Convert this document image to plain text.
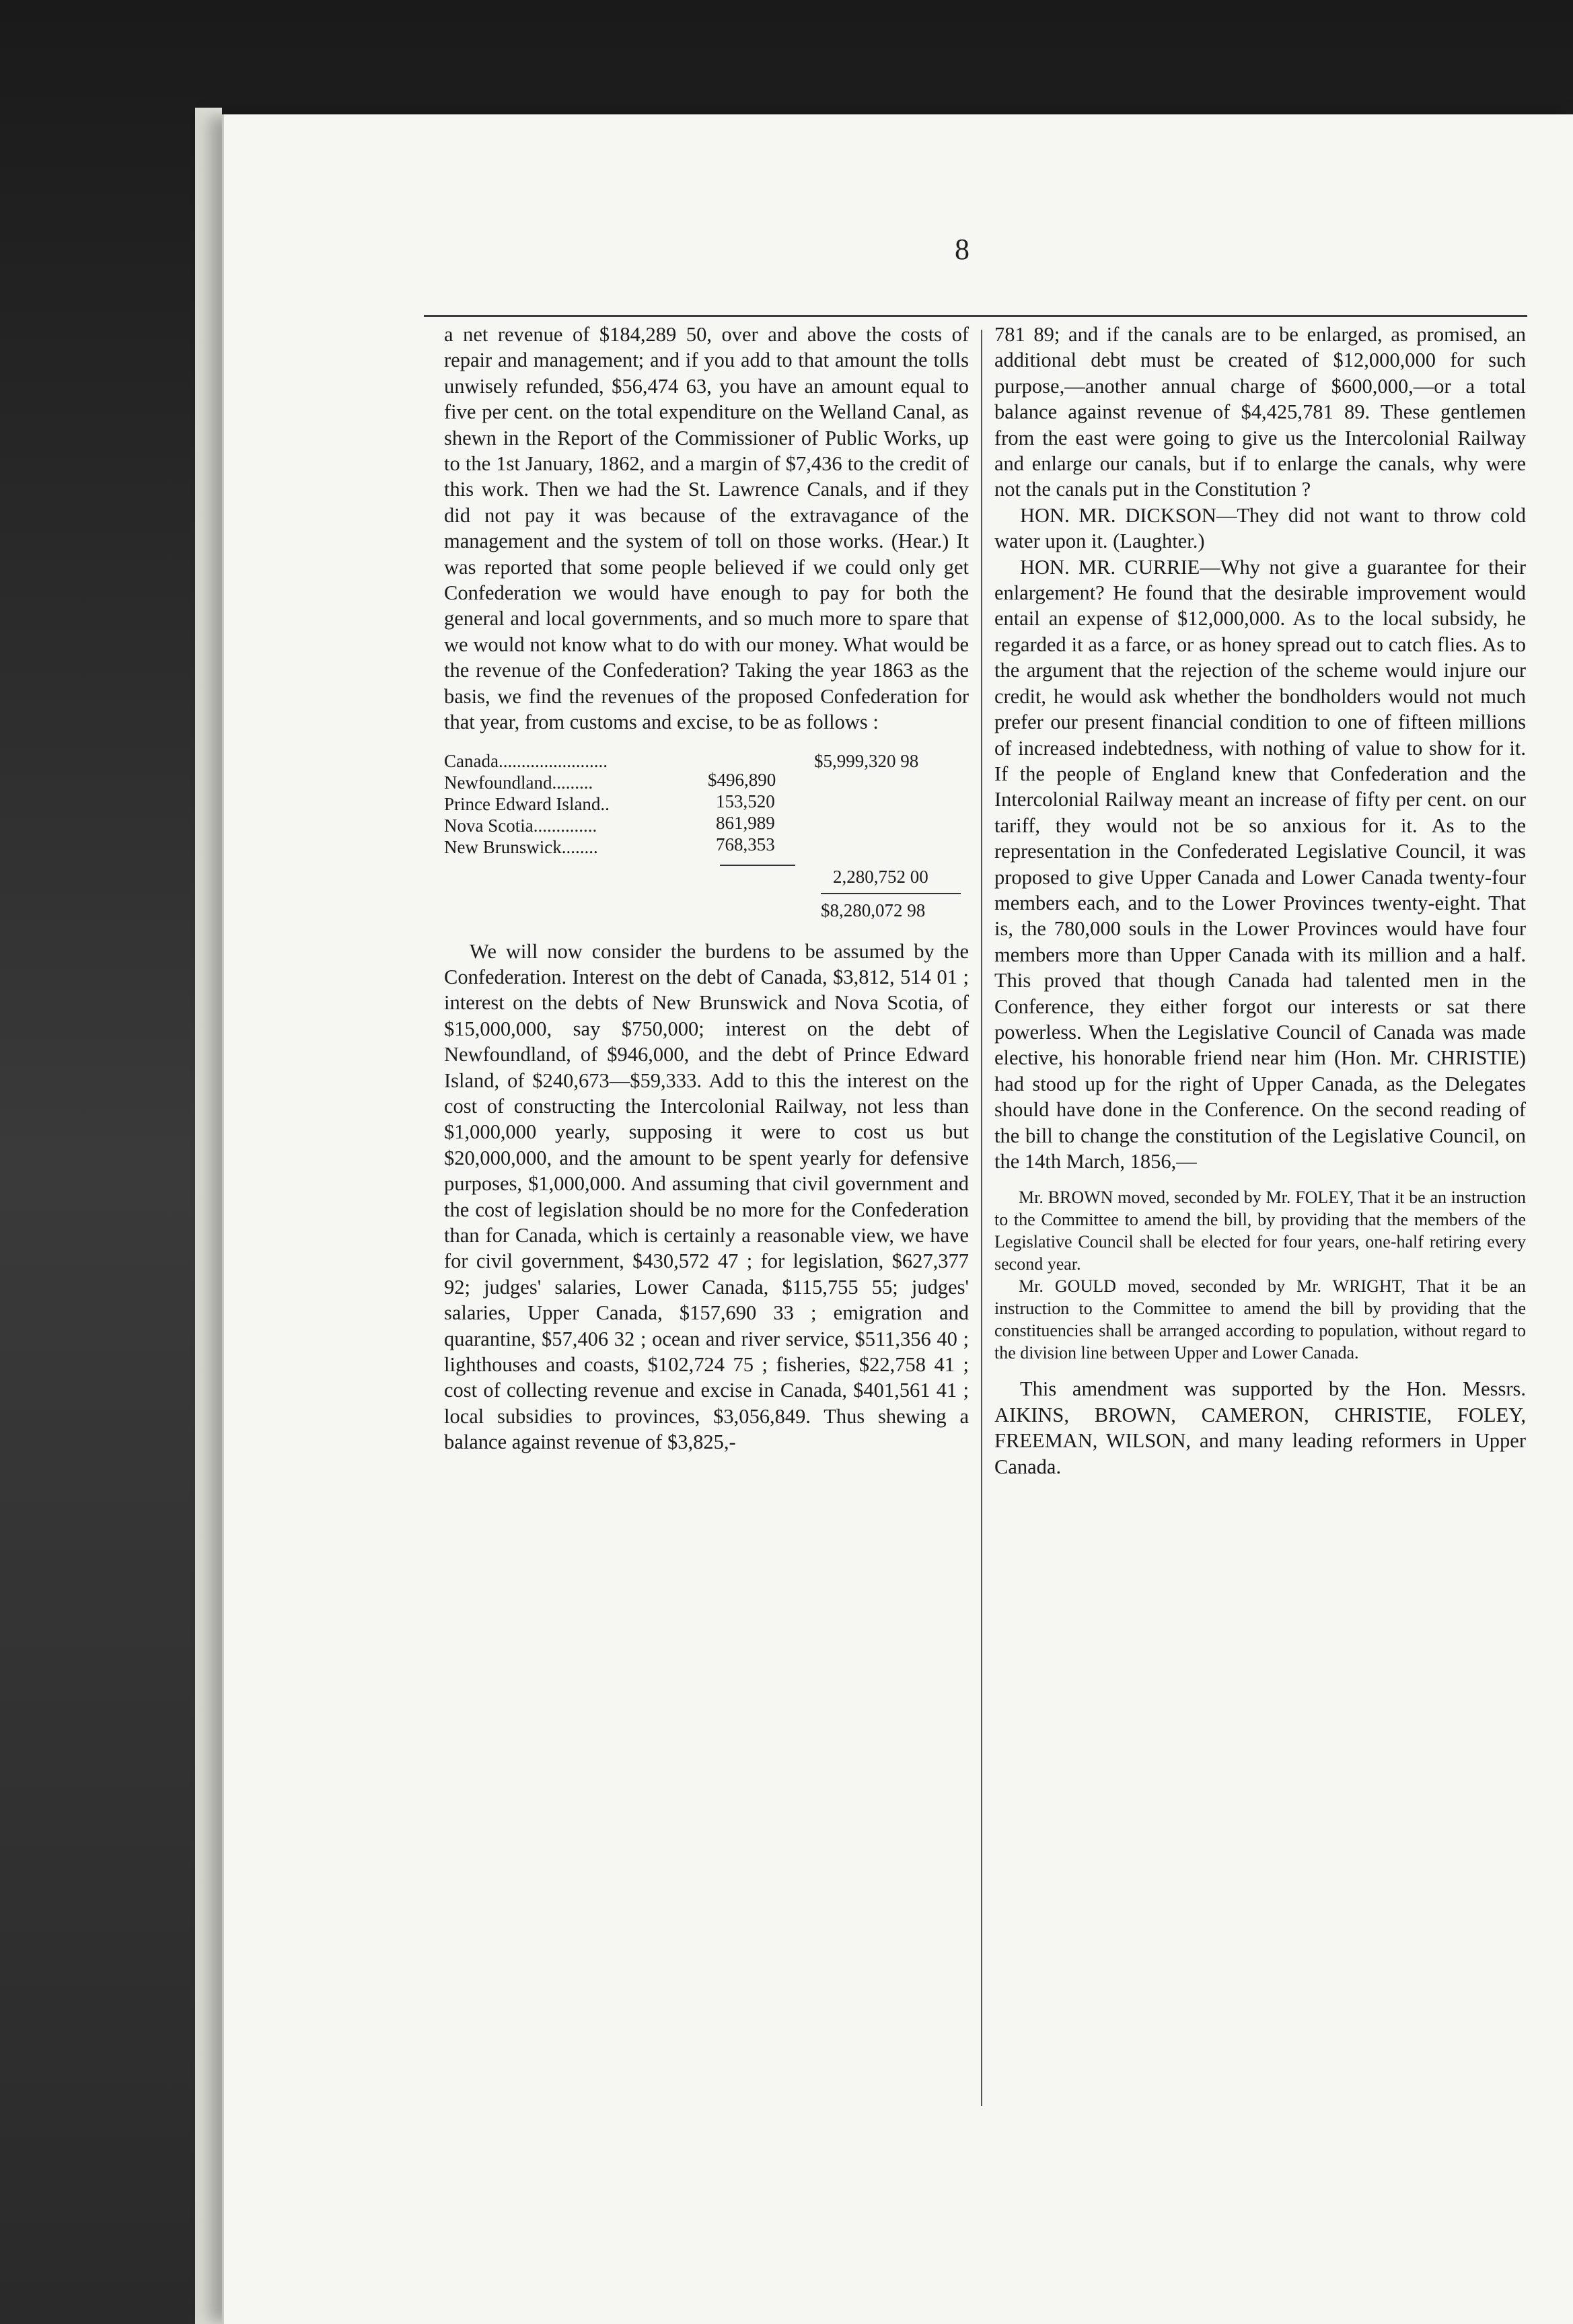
8

a net revenue of $184,289 50, over and above the costs of repair and management; and if you add to that amount the tolls unwisely refunded, $56,474 63, you have an amount equal to five per cent. on the total expenditure on the Welland Canal, as shewn in the Report of the Commissioner of Public Works, up to the 1st January, 1862, and a margin of $7,436 to the credit of this work. Then we had the St. Lawrence Canals, and if they did not pay it was because of the extravagance of the management and the system of toll on those works. (Hear.) It was reported that some people believed if we could only get Confederation we would have enough to pay for both the general and local governments, and so much more to spare that we would not know what to do with our money. What would be the revenue of the Confederation? Taking the year 1863 as the basis, we find the revenues of the proposed Confederation for that year, from customs and excise, to be as follows :

Canada........................	$5,999,320 98
Newfoundland.........	$496,890
Prince Edward Island..	153,520
Nova Scotia..............	861,989
New Brunswick........	768,353
2,280,752 00
$8,280,072 98

We will now consider the burdens to be assumed by the Confederation. Interest on the debt of Canada, $3,812, 514 01 ; interest on the debts of New Brunswick and Nova Scotia, of $15,000,000, say $750,000; interest on the debt of Newfoundland, of $946,000, and the debt of Prince Edward Island, of $240,673—$59,333. Add to this the interest on the cost of constructing the Intercolonial Railway, not less than $1,000,000 yearly, supposing it were to cost us but $20,000,000, and the amount to be spent yearly for defensive purposes, $1,000,000. And assuming that civil government and the cost of legislation should be no more for the Confederation than for Canada, which is certainly a reasonable view, we have for civil government, $430,572 47 ; for legislation, $627,377 92; judges' salaries, Lower Canada, $115,755 55; judges' salaries, Upper Canada, $157,690 33 ; emigration and quarantine, $57,406 32 ; ocean and river service, $511,356 40 ; lighthouses and coasts, $102,724 75 ; fisheries, $22,758 41 ; cost of collecting revenue and excise in Canada, $401,561 41 ; local subsidies to provinces, $3,056,849. Thus shewing a balance against revenue of $3,825,-

781 89; and if the canals are to be enlarged, as promised, an additional debt must be created of $12,000,000 for such purpose,—another annual charge of $600,000,—or a total balance against revenue of $4,425,781 89. These gentlemen from the east were going to give us the Intercolonial Railway and enlarge our canals, but if to enlarge the canals, why were not the canals put in the Constitution ?

HON. MR. DICKSON—They did not want to throw cold water upon it. (Laughter.)

HON. MR. CURRIE—Why not give a guarantee for their enlargement? He found that the desirable improvement would entail an expense of $12,000,000. As to the local subsidy, he regarded it as a farce, or as honey spread out to catch flies. As to the argument that the rejection of the scheme would injure our credit, he would ask whether the bondholders would not much prefer our present financial condition to one of fifteen millions of increased indebtedness, with nothing of value to show for it. If the people of England knew that Confederation and the Intercolonial Railway meant an increase of fifty per cent. on our tariff, they would not be so anxious for it. As to the representation in the Confederated Legislative Council, it was proposed to give Upper Canada and Lower Canada twenty-four members each, and to the Lower Provinces twenty-eight. That is, the 780,000 souls in the Lower Provinces would have four members more than Upper Canada with its million and a half. This proved that though Canada had talented men in the Conference, they either forgot our interests or sat there powerless. When the Legislative Council of Canada was made elective, his honorable friend near him (Hon. Mr. CHRISTIE) had stood up for the right of Upper Canada, as the Delegates should have done in the Conference. On the second reading of the bill to change the constitution of the Legislative Council, on the 14th March, 1856,—

Mr. BROWN moved, seconded by Mr. FOLEY, That it be an instruction to the Committee to amend the bill, by providing that the members of the Legislative Council shall be elected for four years, one-half retiring every second year.

Mr. GOULD moved, seconded by Mr. WRIGHT, That it be an instruction to the Committee to amend the bill by providing that the constituencies shall be arranged according to population, without regard to the division line between Upper and Lower Canada.

This amendment was supported by the Hon. Messrs. AIKINS, BROWN, CAMERON, CHRISTIE, FOLEY, FREEMAN, WILSON, and many leading reformers in Upper Canada.
